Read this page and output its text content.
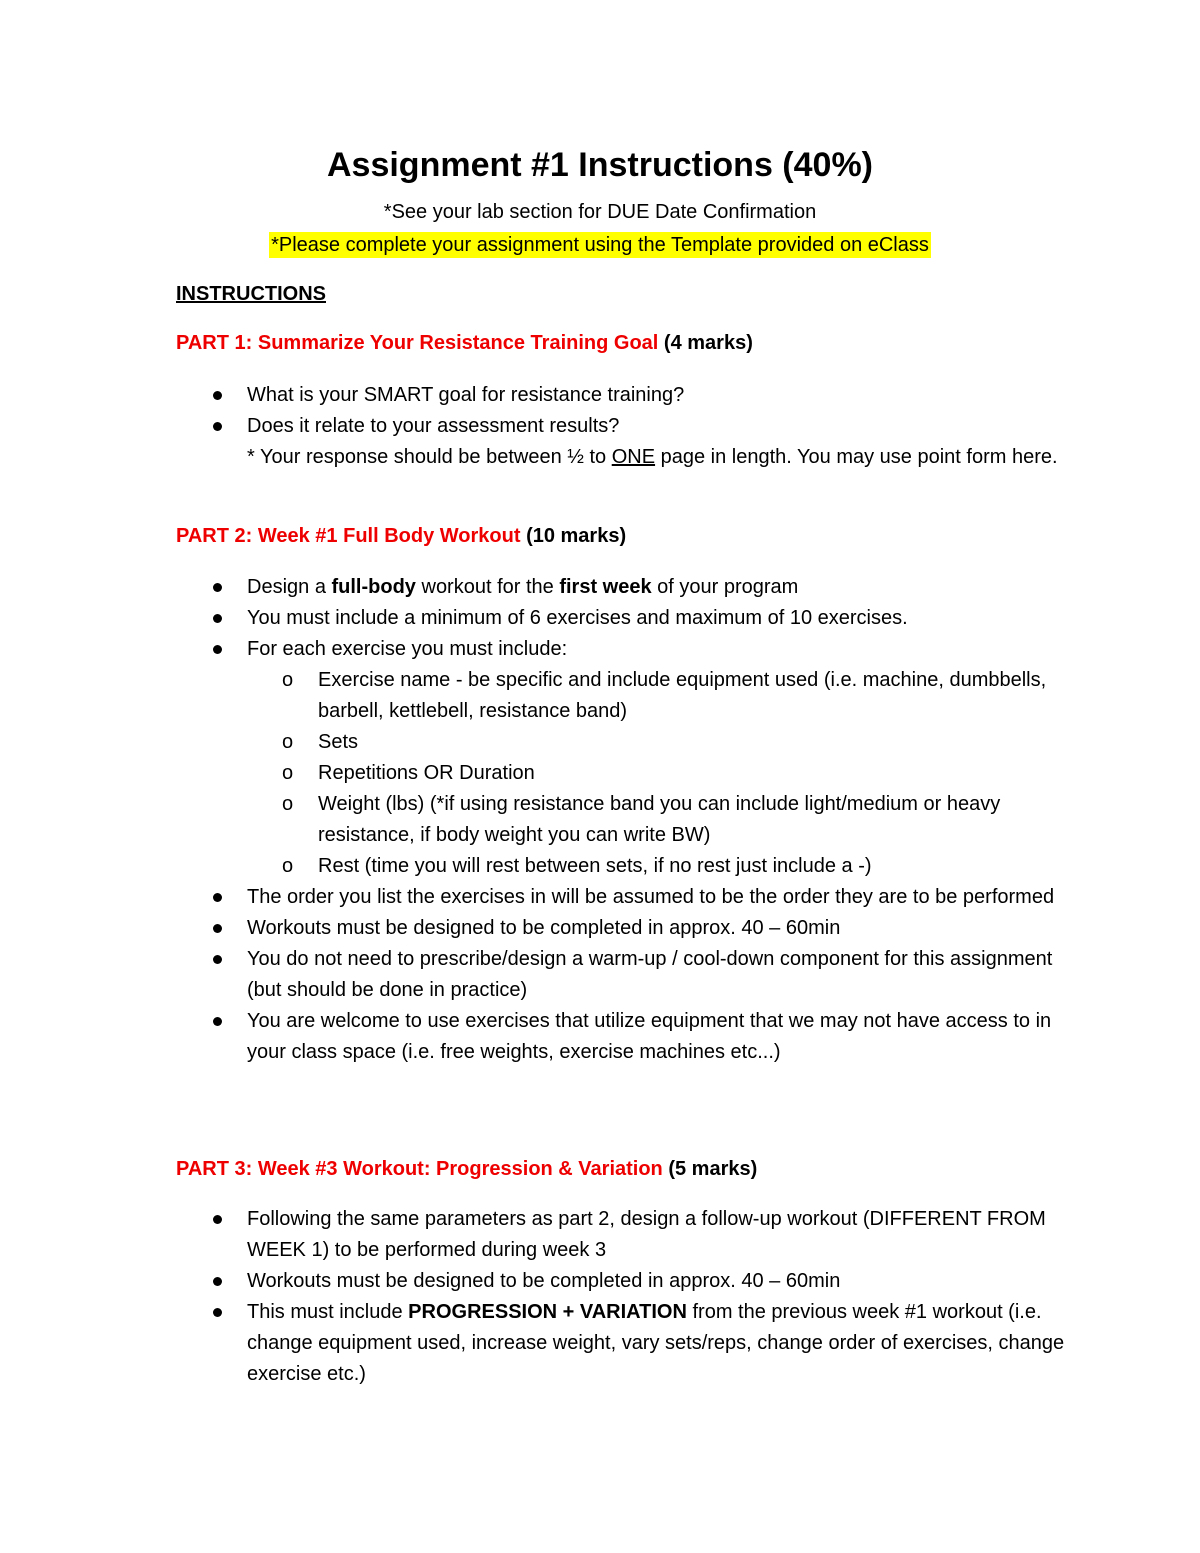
Assignment #1 Instructions (40%)
*See your lab section for DUE Date Confirmation
*Please complete your assignment using the Template provided on eClass
INSTRUCTIONS
PART 1: Summarize Your Resistance Training Goal (4 marks)
What is your SMART goal for resistance training?
Does it relate to your assessment results?
* Your response should be between ½ to ONE page in length. You may use point form here.
PART 2: Week #1 Full Body Workout (10 marks)
Design a full-body workout for the first week of your program
You must include a minimum of 6 exercises and maximum of 10 exercises.
For each exercise you must include:
o Exercise name - be specific and include equipment used (i.e. machine, dumbbells, barbell, kettlebell, resistance band)
o Sets
o Repetitions OR Duration
o Weight (lbs) (*if using resistance band you can include light/medium or heavy resistance, if body weight you can write BW)
o Rest (time you will rest between sets, if no rest just include a -)
The order you list the exercises in will be assumed to be the order they are to be performed
Workouts must be designed to be completed in approx. 40 – 60min
You do not need to prescribe/design a warm-up / cool-down component for this assignment (but should be done in practice)
You are welcome to use exercises that utilize equipment that we may not have access to in your class space (i.e. free weights, exercise machines etc...)
PART 3: Week #3 Workout: Progression & Variation (5 marks)
Following the same parameters as part 2, design a follow-up workout (DIFFERENT FROM WEEK 1) to be performed during week 3
Workouts must be designed to be completed in approx. 40 – 60min
This must include PROGRESSION + VARIATION from the previous week #1 workout (i.e. change equipment used, increase weight, vary sets/reps, change order of exercises, change exercise etc.)
